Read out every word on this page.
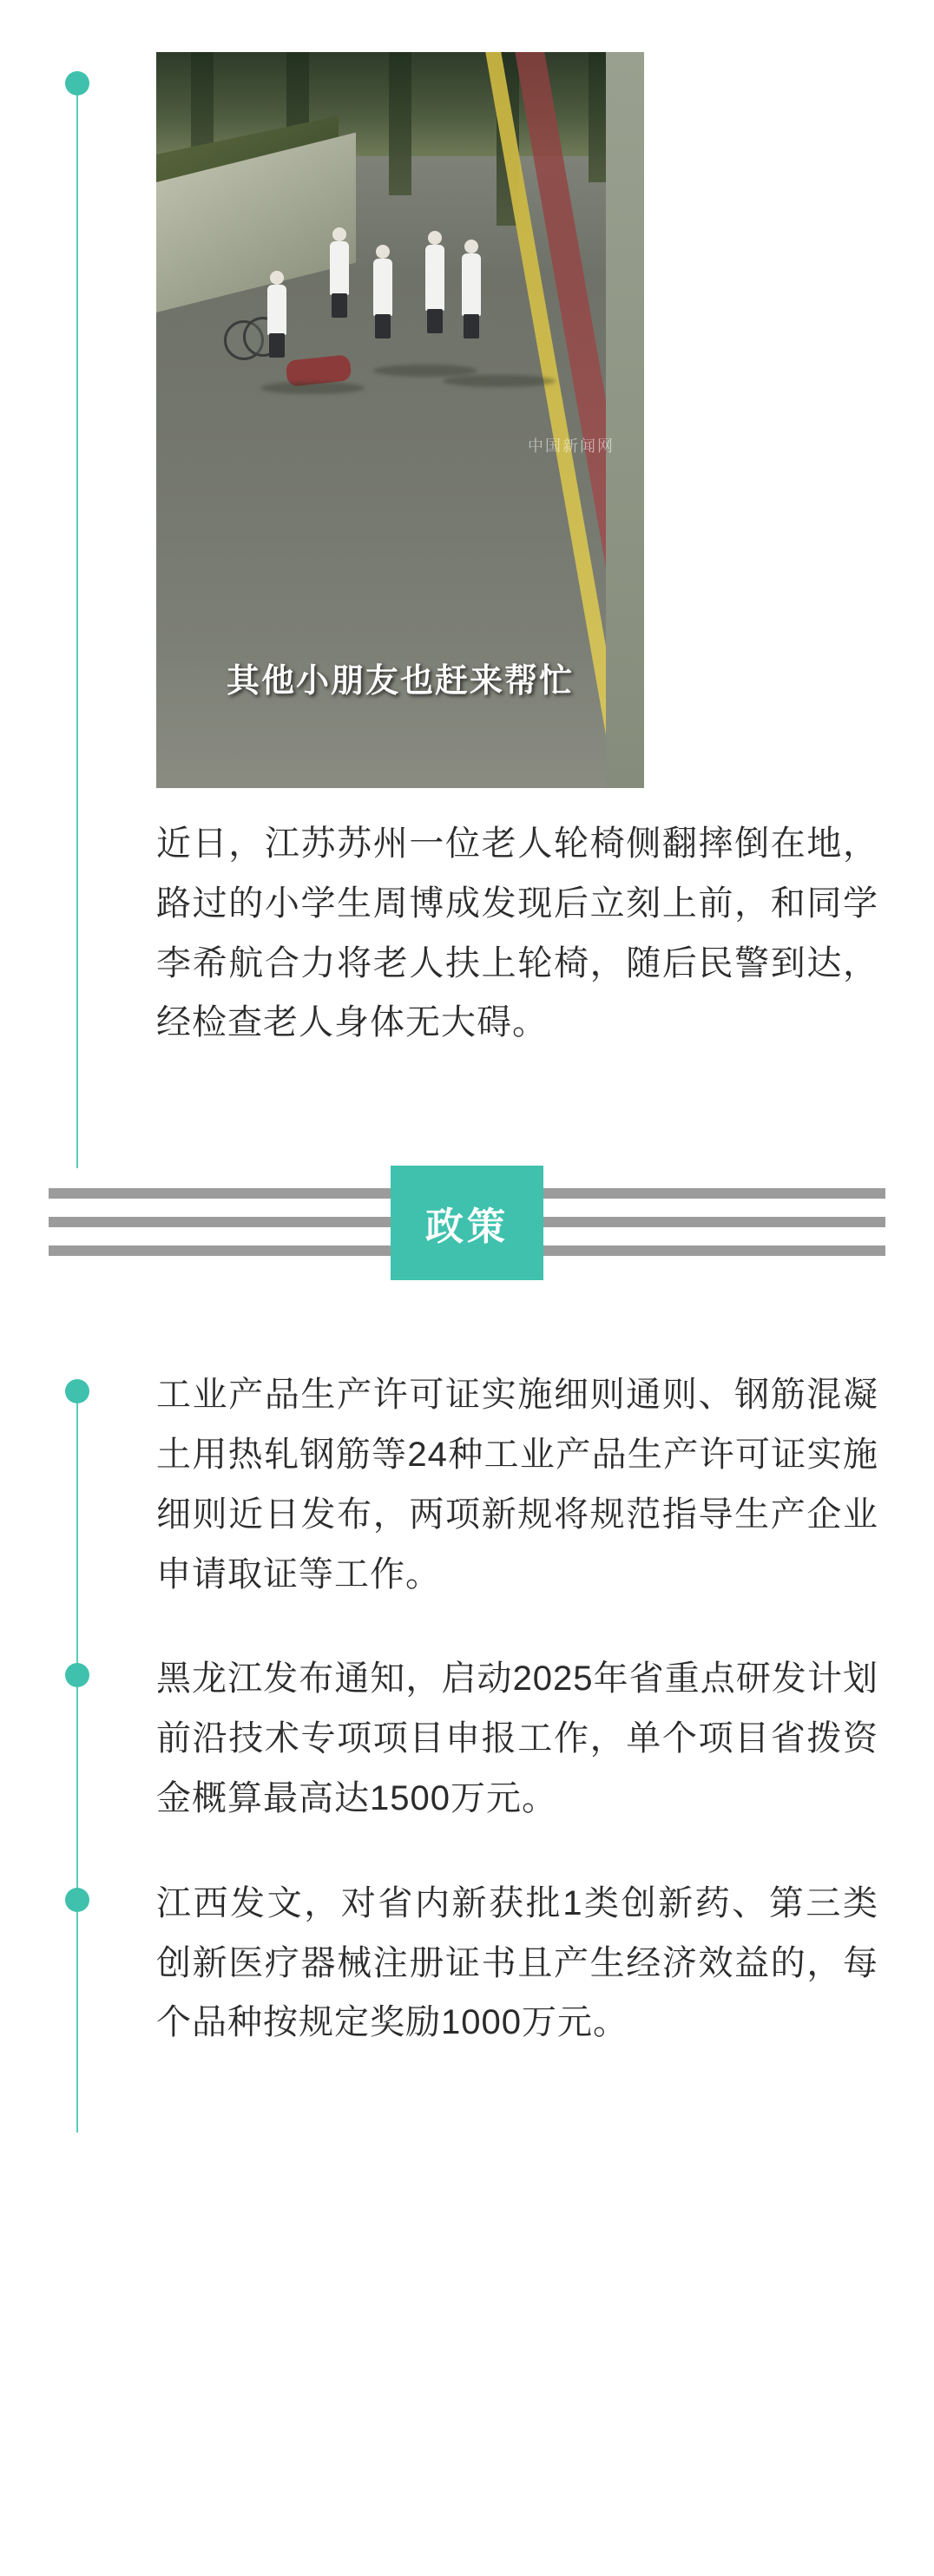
中国新闻网
其他小朋友也赶来帮忙
近日，江苏苏州一位老人轮椅侧翻摔倒在地，路过的小学生周博成发现后立刻上前，和同学李希航合力将老人扶上轮椅，随后民警到达，经检查老人身体无大碍。
政策
工业产品生产许可证实施细则通则、钢筋混凝土用热轧钢筋等24种工业产品生产许可证实施细则近日发布，两项新规将规范指导生产企业申请取证等工作。
黑龙江发布通知，启动2025年省重点研发计划前沿技术专项项目申报工作，单个项目省拨资金概算最高达1500万元。
江西发文，对省内新获批1类创新药、第三类创新医疗器械注册证书且产生经济效益的，每个品种按规定奖励1000万元。
